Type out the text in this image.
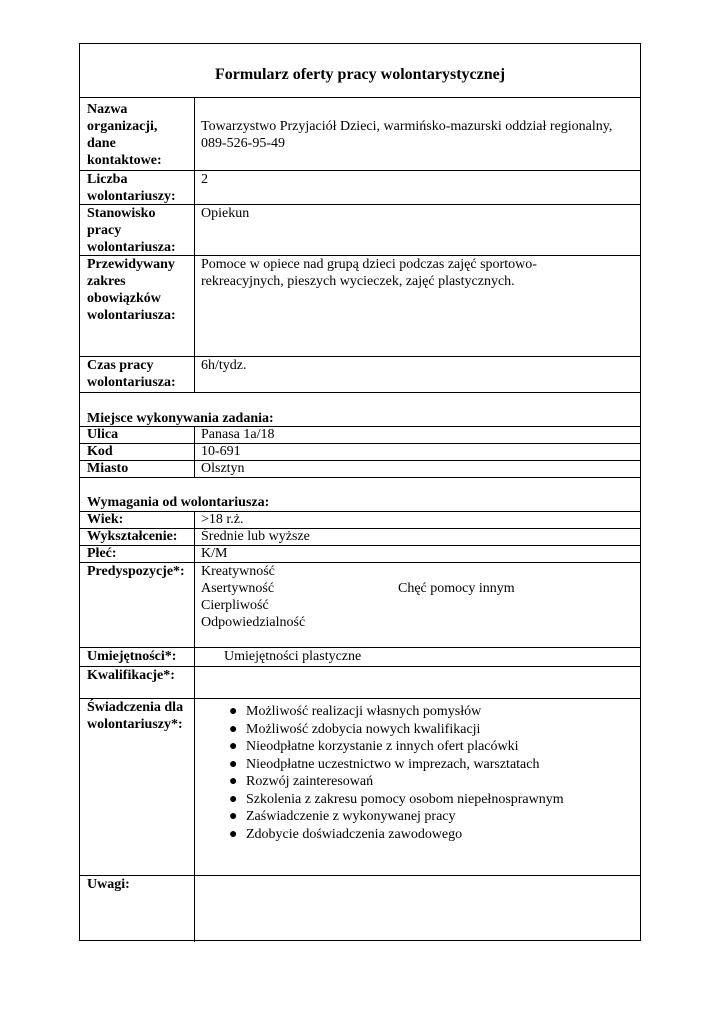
Formularz oferty pracy wolontarystycznej
Nazwa organizacji, dane kontaktowe:
Towarzystwo Przyjaciół Dzieci, warmińsko-mazurski oddział regionalny, 089-526-95-49
Liczba wolontariuszy:
2
Stanowisko pracy wolontariusza:
Opiekun
Przewidywany zakres obowiązków wolontariusza:
Pomoce w opiece nad grupą dzieci podczas zajęć sportowo-rekreacyjnych, pieszych wycieczek, zajęć plastycznych.
Czas pracy wolontariusza:
6h/tydz.
Miejsce wykonywania zadania:
Ulica	Panasa 1a/18
Kod	10-691
Miasto	Olsztyn
Wymagania od wolontariusza:
Wiek:	>18 r.ż.
Wykształcenie: Średnie lub wyższe
Płeć:	K/M
Predyspozycje*: Kreatywność
Asertywność
Cierpliwość
Odpowiedzialność
Chęć pomocy innym
Umiejętności*:	Umiejętności plastyczne
Kwalifikacje*:
Świadczenia dla wolontariuszy*:
● Możliwość realizacji własnych pomysłów
● Możliwość zdobycia nowych kwalifikacji
● Nieodpłatne korzystanie z innych ofert placówki
● Nieodpłatne uczestnictwo w imprezach, warsztatach
● Rozwój zainteresowań
● Szkolenia z zakresu pomocy osobom niepełnosprawnym
● Zaświadczenie z wykonywanej pracy
● Zdobycie doświadczenia zawodowego
Uwagi:
